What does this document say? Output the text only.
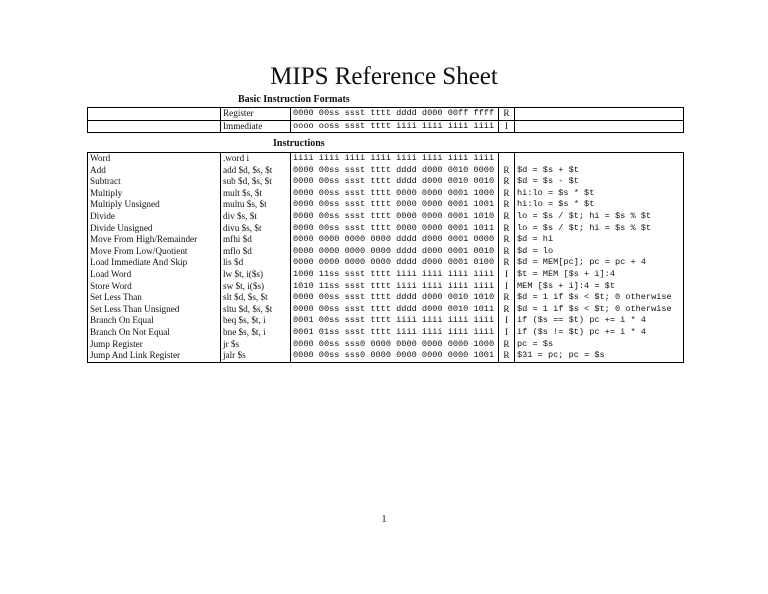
MIPS Reference Sheet
Basic Instruction Formats
	Register	0000 00ss ssst tttt dddd d000 00ff ffff	R	
	Immediate	oooo ooss ssst tttt iiii iiii iiii iiii	I	
Instructions
Word	.word i	iiii iiii iiii iiii iiii iiii iiii iiii		
Add	add $d, $s, $t	0000 00ss ssst tttt dddd d000 0010 0000	R	$d = $s + $t
Subtract	sub $d, $s, $t	0000 00ss ssst tttt dddd d000 0010 0010	R	$d = $s - $t
Multiply	mult $s, $t	0000 00ss ssst tttt 0000 0000 0001 1000	R	hi:lo = $s * $t
Multiply Unsigned	multu $s, $t	0000 00ss ssst tttt 0000 0000 0001 1001	R	hi:lo = $s * $t
Divide	div $s, $t	0000 00ss ssst tttt 0000 0000 0001 1010	R	lo = $s / $t; hi = $s % $t
Divide Unsigned	divu $s, $t	0000 00ss ssst tttt 0000 0000 0001 1011	R	lo = $s / $t; hi = $s % $t
Move From High/Remainder	mfhi $d	0000 0000 0000 0000 dddd d000 0001 0000	R	$d = hi
Move From Low/Quotient	mflo $d	0000 0000 0000 0000 dddd d000 0001 0010	R	$d = lo
Load Immediate And Skip	lis $d	0000 0000 0000 0000 dddd d000 0001 0100	R	$d = MEM[pc]; pc = pc + 4
Load Word	lw $t, i($s)	1000 11ss ssst tttt iiii iiii iiii iiii	I	$t = MEM [$s + i]:4
Store Word	sw $t, i($s)	1010 11ss ssst tttt iiii iiii iiii iiii	I	MEM [$s + i]:4 = $t
Set Less Than	slt $d, $s, $t	0000 00ss ssst tttt dddd d000 0010 1010	R	$d = 1 if $s < $t; 0 otherwise
Set Less Than Unsigned	sltu $d, $s, $t	0000 00ss ssst tttt dddd d000 0010 1011	R	$d = 1 if $s < $t; 0 otherwise
Branch On Equal	beq $s, $t, i	0001 00ss ssst tttt iiii iiii iiii iiii	I	if ($s == $t) pc += i * 4
Branch On Not Equal	bne $s, $t, i	0001 01ss ssst tttt iiii iiii iiii iiii	I	if ($s != $t) pc += i * 4
Jump Register	jr $s	0000 00ss sss0 0000 0000 0000 0000 1000	R	pc = $s
Jump And Link Register	jalr $s	0000 00ss sss0 0000 0000 0000 0000 1001	R	$31 = pc; pc = $s
1
